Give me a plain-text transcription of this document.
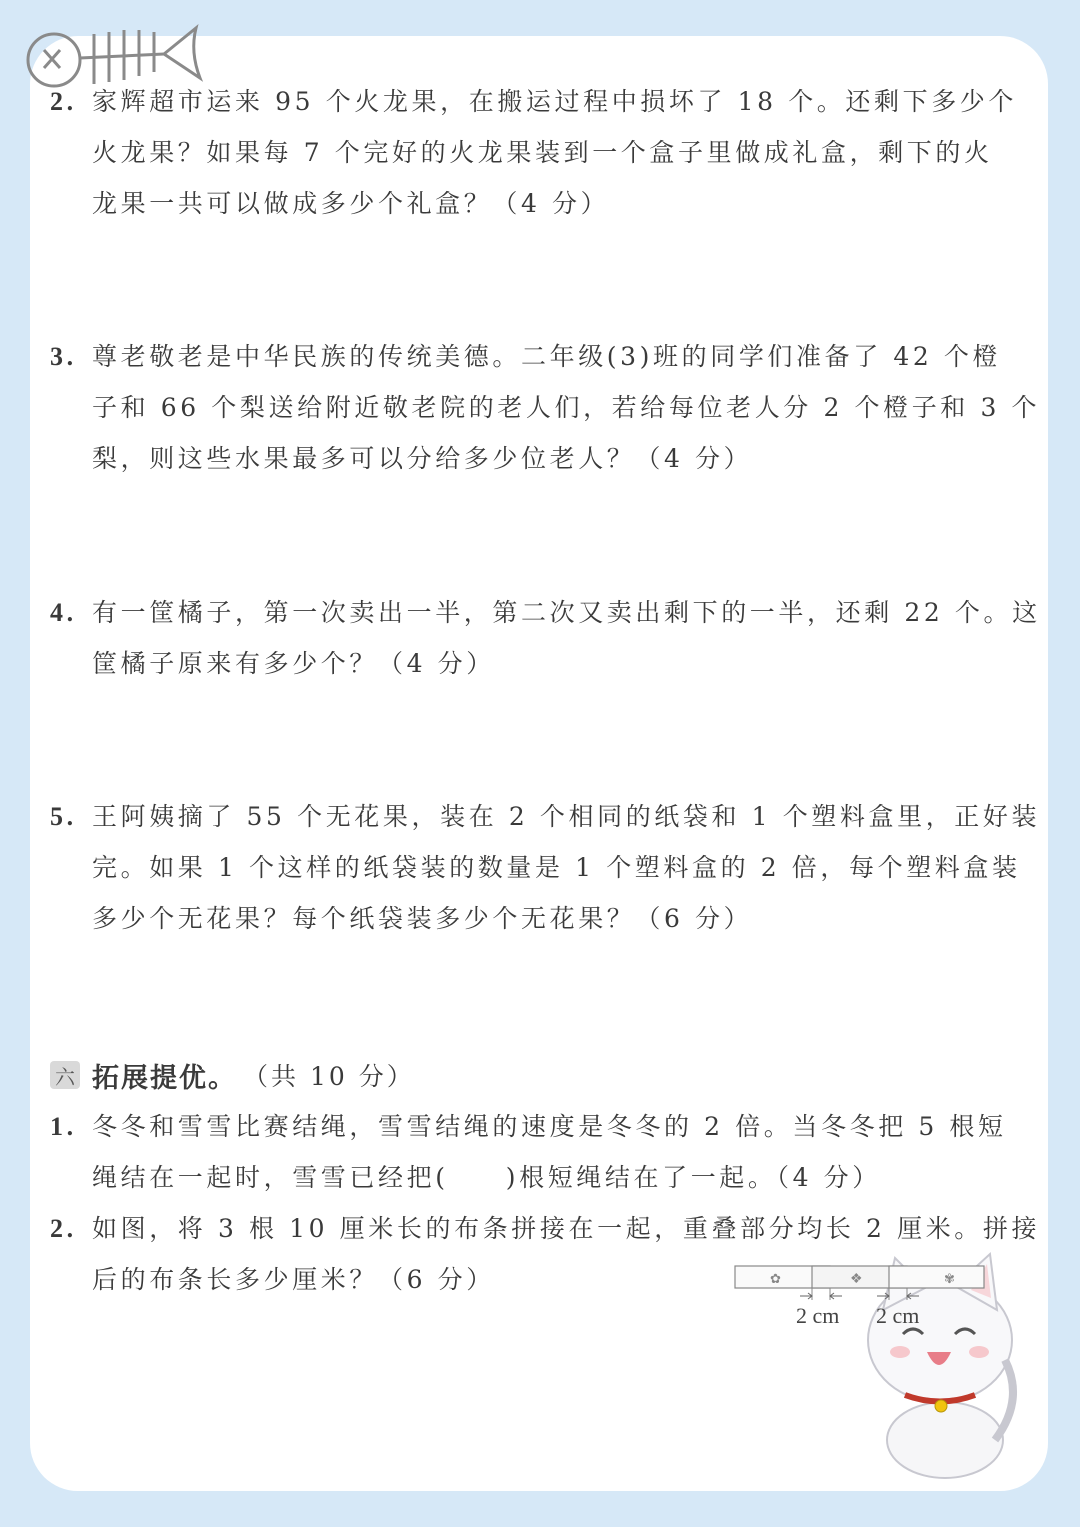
2. 家辉超市运来 95 个火龙果，在搬运过程中损坏了 18 个。还剩下多少个
火龙果？如果每 7 个完好的火龙果装到一个盒子里做成礼盒，剩下的火
龙果一共可以做成多少个礼盒？（4 分）
3. 尊老敬老是中华民族的传统美德。二年级(3)班的同学们准备了 42 个橙
子和 66 个梨送给附近敬老院的老人们，若给每位老人分 2 个橙子和 3 个
梨，则这些水果最多可以分给多少位老人？（4 分）
4. 有一筐橘子，第一次卖出一半，第二次又卖出剩下的一半，还剩 22 个。这
筐橘子原来有多少个？（4 分）
5. 王阿姨摘了 55 个无花果，装在 2 个相同的纸袋和 1 个塑料盒里，正好装
完。如果 1 个这样的纸袋装的数量是 1 个塑料盒的 2 倍，每个塑料盒装
多少个无花果？每个纸袋装多少个无花果？（6 分）
六 拓展提优。 （共 10 分）
1. 冬冬和雪雪比赛结绳，雪雪结绳的速度是冬冬的 2 倍。当冬冬把 5 根短
绳结在一起时，雪雪已经把(　　)根短绳结在了一起。（4 分）
2. 如图，将 3 根 10 厘米长的布条拼接在一起，重叠部分均长 2 厘米。拼接
后的布条长多少厘米？（6 分）	✿	❖	✾
2 cm 2 cm
